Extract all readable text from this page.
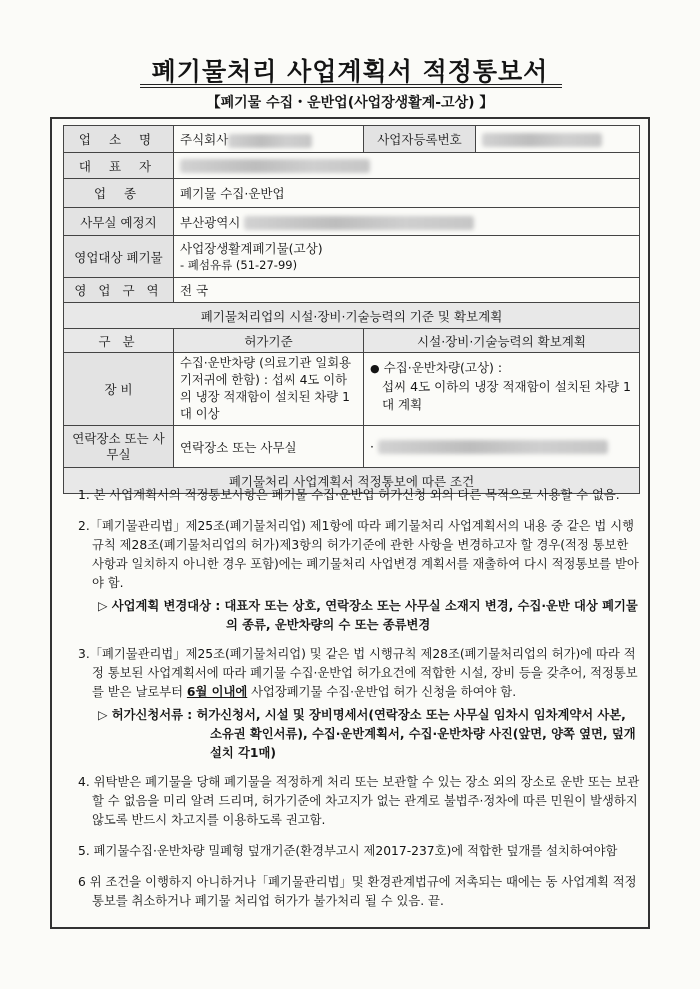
폐기물처리 사업계획서 적정통보서
【폐기물 수집・운반업(사업장생활계-고상) 】
업 소 명	주식회사	사업자등록번호	
대 표 자			
업 종	폐기물 수집·운반업		
사무실 예정지	부산광역시		
영업대상 폐기물	사업장생활계폐기물(고상)
- 폐섬유류 (51-27-99)		

영 업 구 역	전 국		
폐기물처리업의 시설·장비·기술능력의 기준 및 확보계획			
구 분	허가기준	시설·장비·기술능력의 확보계획	
장 비	수집·운반차량 (의료기관 일회용기저귀에 한함) : 섭씨 4도 이하의 냉장 적재함이 설치된 차량 1대 이상	● 수집·운반차량(고상) :
섭씨 4도 이하의 냉장 적재함이 설치된 차량 1대 계획	

연락장소 또는 사무실	연락장소 또는 사무실	·	
폐기물처리 사업계획서 적정통보에 따른 조건			

1. 본 사업계획서의 적정통보사항은 폐기물 수집·운반업 허가신청 외의 다른 목적으로 사용할 수 없음.

2.「폐기물관리법」제25조(폐기물처리업) 제1항에 따라 폐기물처리 사업계획서의 내용 중 같은 법 시행규칙 제28조(폐기물처리업의 허가)제3항의 허가기준에 관한 사항을 변경하고자 할 경우(적정 통보한 사항과 일치하지 아니한 경우 포함)에는 폐기물처리 사업변경 계획서를 재출하여 다시 적정통보를 받아야 함.

▷ 사업계획 변경대상 : 대표자 또는 상호, 연락장소 또는 사무실 소재지 변경, 수집·운반 대상 폐기물의 종류, 운반차량의 수 또는 종류변경

3.「폐기물관리법」제25조(폐기물처리업) 및 같은 법 시행규칙 제28조(폐기물처리업의 허가)에 따라 적정 통보된 사업계획서에 따라 폐기물 수집·운반업 허가요건에 적합한 시설, 장비 등을 갖추어, 적정통보를 받은 날로부터 6월 이내에 사업장폐기물 수집·운반업 허가 신청을 하여야 함.

▷ 허가신청서류 : 허가신청서, 시설 및 장비명세서(연락장소 또는 사무실 임차시 임차계약서 사본, 소유권 확인서류), 수집·운반계획서, 수집·운반차량 사진(앞면, 양쪽 옆면, 덮개 설치 각1매)

4. 위탁받은 폐기물을 당해 폐기물을 적정하게 처리 또는 보관할 수 있는 장소 외의 장소로 운반 또는 보관할 수 없음을 미리 알려 드리며, 허가기준에 차고지가 없는 관계로 불법주·정차에 따른 민원이 발생하지 않도록 반드시 차고지를 이용하도록 권고함.

5. 폐기물수집·운반차량 밀폐형 덮개기준(환경부고시 제2017-237호)에 적합한 덮개를 설치하여야함

6 위 조건을 이행하지 아니하거나「폐기물관리법」및 환경관계법규에 저촉되는 때에는 동 사업계획 적정통보를 취소하거나 폐기물 처리업 허가가 불가처리 될 수 있음. 끝.
